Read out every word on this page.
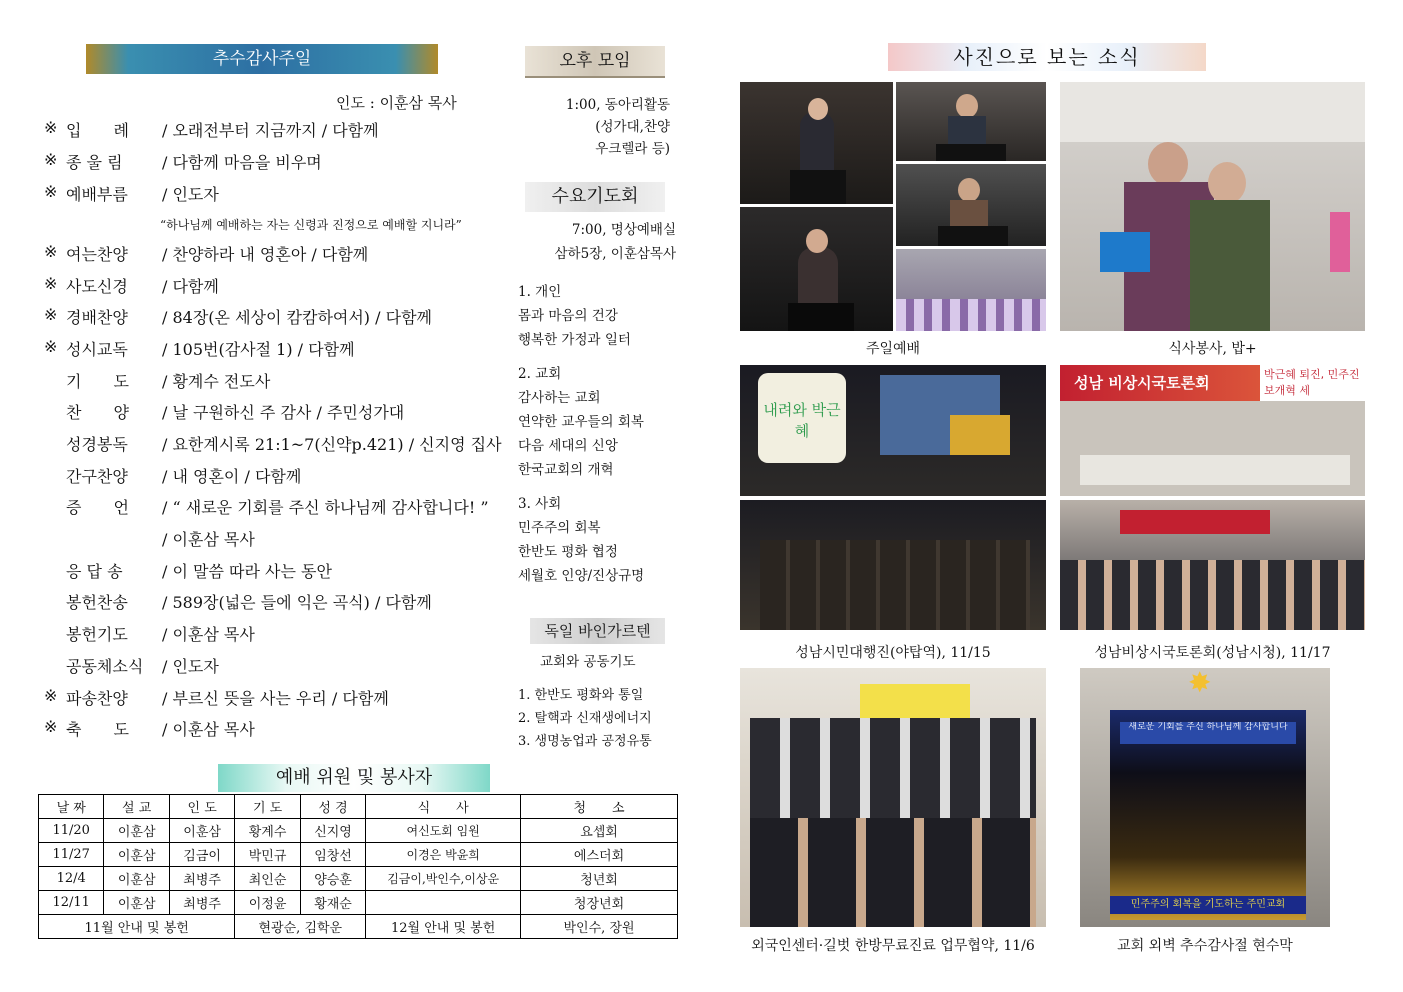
추수감사주일
인도 : 이훈삼 목사
※ 입　　례	/ 오래전부터 지금까지 / 다함께
※ 종 울 림	/ 다함께 마음을 비우며
※ 예배부름	/ 인도자
※ 여는찬양	/ 찬양하라 내 영혼아 / 다함께
※ 사도신경	/ 다함께
※ 경배찬양	/ 84장(온 세상이 캄캄하여서) / 다함께
※ 성시교독	/ 105번(감사절 1) / 다함께
기　　도	/ 황계수 전도사
찬　　양	/ 날 구원하신 주 감사 / 주민성가대
성경봉독	/ 요한계시록 21:1~7(신약p.421) / 신지영 집사
간구찬양	/ 내 영혼이 / 다함께
증　　언	/ “ 새로운 기회를 주신 하나님께 감사합니다! ”
/ 이훈삼 목사
응 답 송	/ 이 말씀 따라 사는 동안
봉헌찬송	/ 589장(넓은 들에 익은 곡식) / 다함께
봉헌기도	/ 이훈삼 목사
공동체소식	/ 인도자
※ 파송찬양	/ 부르신 뜻을 사는 우리 / 다함께
※ 축　　도	/ 이훈삼 목사
“하나님께 예배하는 자는 신령과 진정으로 예배할 지니라”
예배 위원 및 봉사자
날 짜	설 교	인 도	기 도	성 경	식　　사	청　　소
11/20	이훈삼	이훈삼	황계수	신지영	여신도회 임원	요셉회
11/27	이훈삼	김금이	박민규	임창선	이경은 박윤희	에스더회
12/4	이훈삼	최병주	최인순	양승훈	김금이,박인수,이상운	청년회
12/11	이훈삼	최병주	이정윤	황재순		청장년회
11월 안내 및 봉헌			현광순, 김학운		12월 안내 및 봉헌	박인수, 장원
오후 모임
1:00, 동아리활동
(성가대,찬양
우크렐라 등)
수요기도회
7:00, 명상예배실
삼하5장, 이훈삼목사
1. 개인
몸과 마음의 건강
행복한 가정과 일터
2. 교회
감사하는 교회
연약한 교우들의 회복
다음 세대의 신앙
한국교회의 개혁
3. 사회
민주주의 회복
한반도 평화 협정
세월호 인양/진상규명
독일 바인가르텐
교회와 공동기도
1. 한반도 평화와 통일
2. 탈핵과 신재생에너지
3. 생명농업과 공정유통
사진으로 보는 소식
주일예배	식사봉사, 밥+
내려와 박근혜
성남 비상시국토론회	박근혜 퇴진, 민주진보개혁 세
성남시민대행진(야탑역), 11/15	성남비상시국토론회(성남시청), 11/17
새로운 기회를 주신 하나님께 감사합니다
민주주의 회복을 기도하는 주민교회
✸
외국인센터·길벗 한방무료진료 업무협약, 11/6	교회 외벽 추수감사절 현수막
